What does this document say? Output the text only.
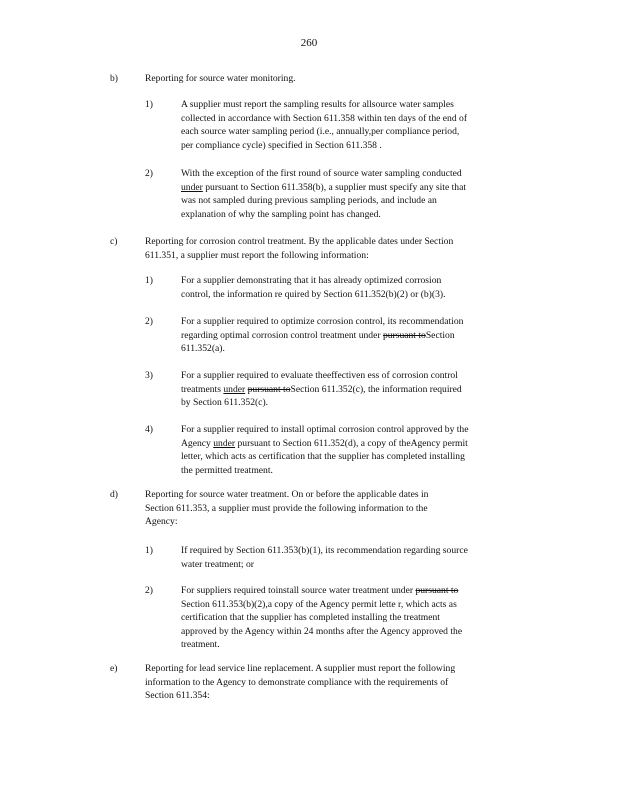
260
b)	Reporting for source water monitoring.
1)	A supplier must report the sampling results for allsource water samples
collected in accordance with Section 611.358 within ten days of the end of
each source water sampling period (i.e., annually,per compliance period,
per compliance cycle) specified in Section 611.358 .
2)	With the exception of the first round of source water sampling conducted
under pursuant to Section 611.358(b), a supplier must specify any site that
was not sampled during previous sampling periods, and include an
explanation of why the sampling point has changed.
c)	Reporting for corrosion control treatment. By the applicable dates under Section
611.351, a supplier must report the following information:
1)	For a supplier demonstrating that it has already optimized corrosion
control, the information re quired by Section 611.352(b)(2) or (b)(3).
2)	For a supplier required to optimize corrosion control, its recommendation
regarding optimal corrosion control treatment under pursuant toSection
611.352(a).
3)	For a supplier required to evaluate theeffectiven ess of corrosion control
treatments under pursuant toSection 611.352(c), the information required
by Section 611.352(c).
4)	For a supplier required to install optimal corrosion control approved by the
Agency under pursuant to Section 611.352(d), a copy of theAgency permit
letter, which acts as certification that the supplier has completed installing
the permitted treatment.
d)	Reporting for source water treatment. On or before the applicable dates in
Section 611.353, a supplier must provide the following information to the
Agency:
1)	If required by Section 611.353(b)(1), its recommendation regarding source
water treatment; or
2)	For suppliers required toinstall source water treatment under pursuant to
Section 611.353(b)(2),a copy of the Agency permit lette r, which acts as
certification that the supplier has completed installing the treatment
approved by the Agency within 24 months after the Agency approved the
treatment.
e)	Reporting for lead service line replacement. A supplier must report the following
information to the Agency to demonstrate compliance with the requirements of
Section 611.354:
